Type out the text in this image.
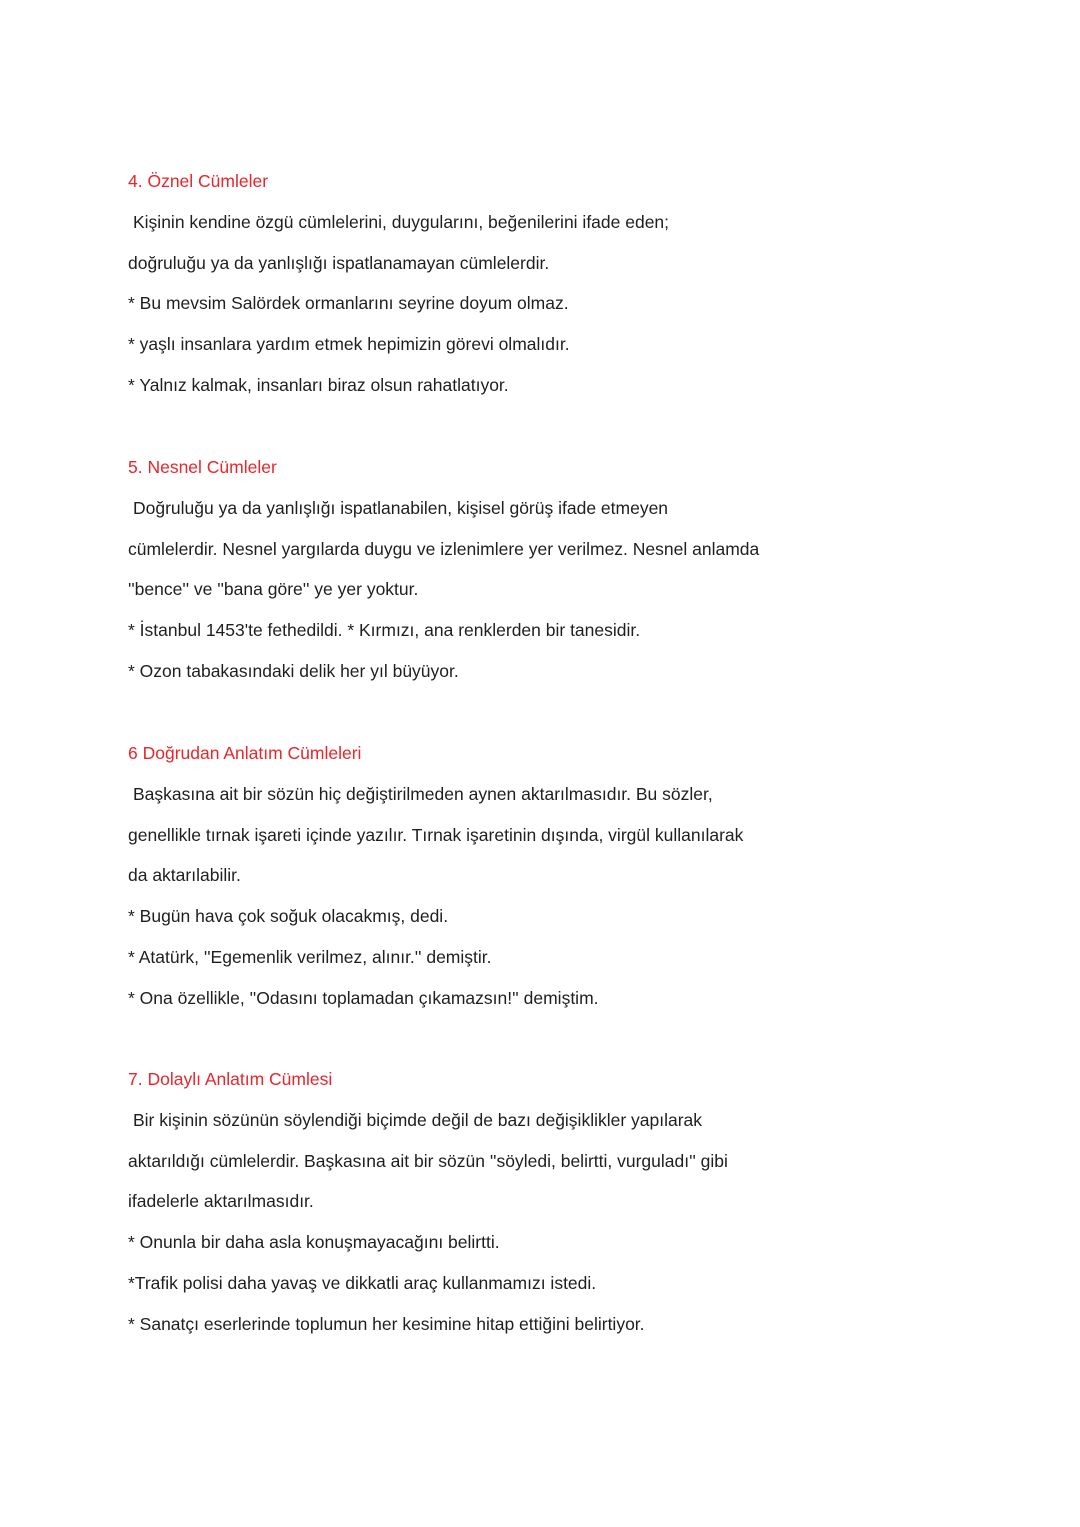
4. Öznel Cümleler
Kişinin kendine özgü cümlelerini, duygularını, beğenilerini ifade eden;
doğruluğu ya da yanlışlığı ispatlanamayan cümlelerdir.
* Bu mevsim Salördek ormanlarını seyrine doyum olmaz.
* yaşlı insanlara yardım etmek hepimizin görevi olmalıdır.
* Yalnız kalmak, insanları biraz olsun rahatlatıyor.
5. Nesnel Cümleler
Doğruluğu ya da yanlışlığı ispatlanabilen, kişisel görüş ifade etmeyen
cümlelerdir. Nesnel yargılarda duygu ve izlenimlere yer verilmez. Nesnel anlamda
''bence'' ve ''bana göre'' ye yer yoktur.
* İstanbul 1453'te fethedildi. * Kırmızı, ana renklerden bir tanesidir.
* Ozon tabakasındaki delik her yıl büyüyor.
6 Doğrudan Anlatım Cümleleri
Başkasına ait bir sözün hiç değiştirilmeden aynen aktarılmasıdır. Bu sözler,
genellikle tırnak işareti içinde yazılır. Tırnak işaretinin dışında, virgül kullanılarak
da aktarılabilir.
* Bugün hava çok soğuk olacakmış, dedi.
* Atatürk, ''Egemenlik verilmez, alınır.'' demiştir.
* Ona özellikle, ''Odasını toplamadan çıkamazsın!'' demiştim.
7. Dolaylı Anlatım Cümlesi
Bir kişinin sözünün söylendiği biçimde değil de bazı değişiklikler yapılarak
aktarıldığı cümlelerdir. Başkasına ait bir sözün ''söyledi, belirtti, vurguladı'' gibi
ifadelerle aktarılmasıdır.
* Onunla bir daha asla konuşmayacağını belirtti.
*Trafik polisi daha yavaş ve dikkatli araç kullanmamızı istedi.
* Sanatçı eserlerinde toplumun her kesimine hitap ettiğini belirtiyor.
